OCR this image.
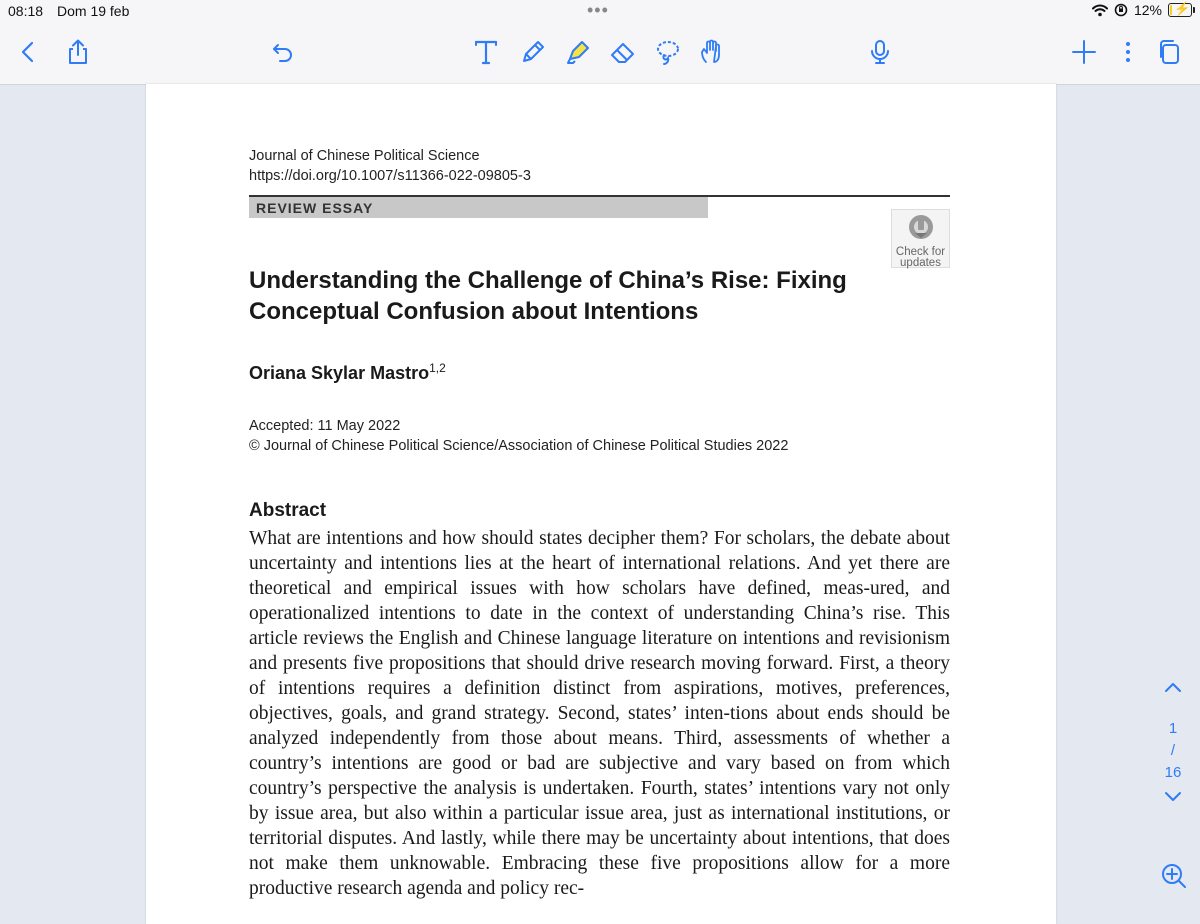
08:18 Dom 19 feb	•••	12% ⚡
Journal of Chinese Political Science
https://doi.org/10.1007/s11366-022-09805-3
REVIEW ESSAY
Check for
updates
Understanding the Challenge of China’s Rise: Fixing Conceptual Confusion about Intentions
Oriana Skylar Mastro$^{1,2}$
Accepted: 11 May 2022
© Journal of Chinese Political Science/Association of Chinese Political Studies 2022
Abstract
What are intentions and how should states decipher them? For scholars, the debate about uncertainty and intentions lies at the heart of international relations. And yet there are theoretical and empirical issues with how scholars have defined, meas-ured, and operationalized intentions to date in the context of understanding China’s rise. This article reviews the English and Chinese language literature on intentions and revisionism and presents five propositions that should drive research moving forward. First, a theory of intentions requires a definition distinct from aspirations, motives, preferences, objectives, goals, and grand strategy. Second, states’ inten-tions about ends should be analyzed independently from those about means. Third, assessments of whether a country’s intentions are good or bad are subjective and vary based on from which country’s perspective the analysis is undertaken. Fourth, states’ intentions vary not only by issue area, but also within a particular issue area, just as international institutions, or territorial disputes. And lastly, while there may be uncertainty about intentions, that does not make them unknowable. Embracing these five propositions allow for a more productive research agenda and policy rec-
1
/
16
